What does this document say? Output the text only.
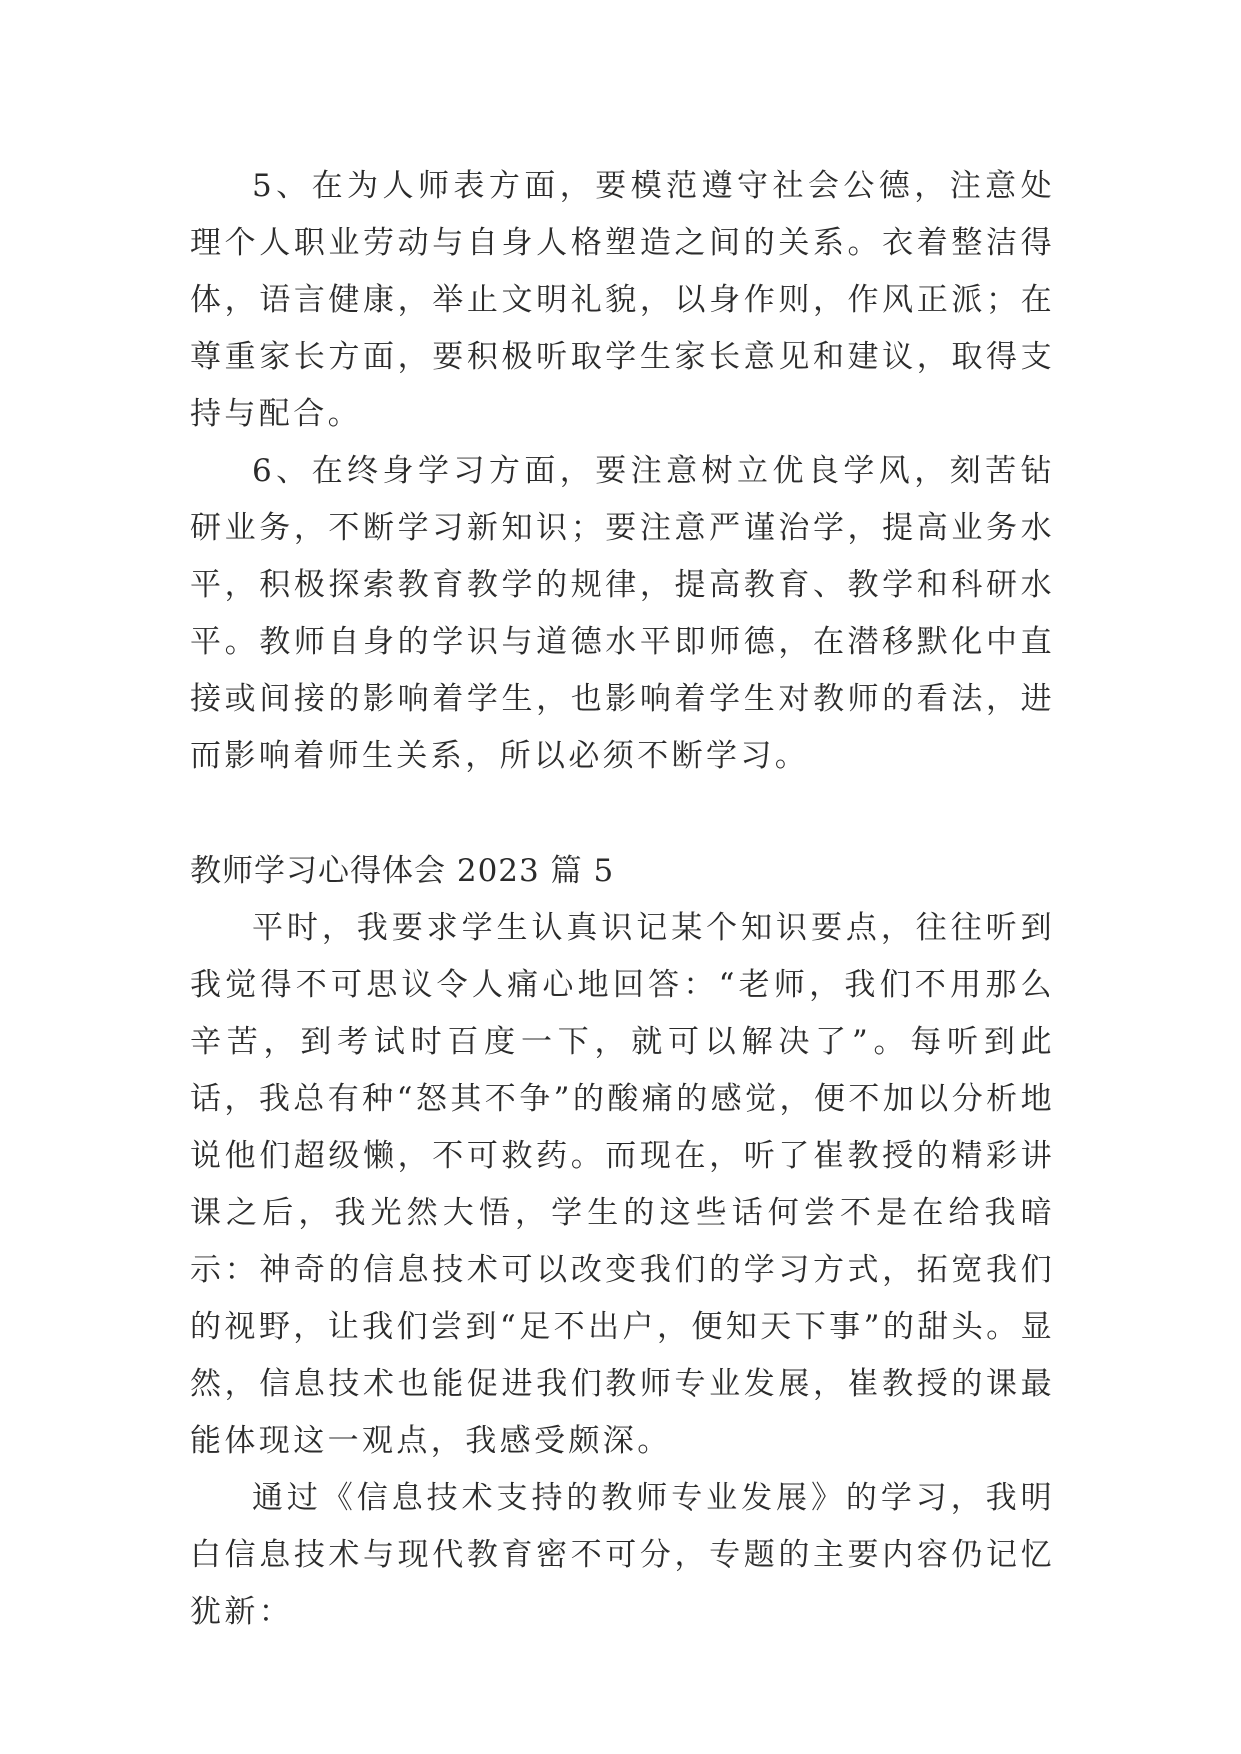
5、在为人师表方面，要模范遵守社会公德，注意处理个人职业劳动与自身人格塑造之间的关系。衣着整洁得体，语言健康，举止文明礼貌，以身作则，作风正派；在尊重家长方面，要积极听取学生家长意见和建议，取得支持与配合。

6、在终身学习方面，要注意树立优良学风，刻苦钻研业务，不断学习新知识；要注意严谨治学，提高业务水平，积极探索教育教学的规律，提高教育、教学和科研水平。教师自身的学识与道德水平即师德，在潜移默化中直接或间接的影响着学生，也影响着学生对教师的看法，进而影响着师生关系，所以必须不断学习。

教师学习心得体会 2023 篇 5

平时，我要求学生认真识记某个知识要点，往往听到我觉得不可思议令人痛心地回答：“老师，我们不用那么辛苦，到考试时百度一下，就可以解决了”。每听到此话，我总有种“怒其不争”的酸痛的感觉，便不加以分析地说他们超级懒，不可救药。而现在，听了崔教授的精彩讲课之后，我光然大悟，学生的这些话何尝不是在给我暗示：神奇的信息技术可以改变我们的学习方式，拓宽我们的视野，让我们尝到“足不出户，便知天下事”的甜头。显然，信息技术也能促进我们教师专业发展，崔教授的课最能体现这一观点，我感受颇深。

通过《信息技术支持的教师专业发展》的学习，我明白信息技术与现代教育密不可分，专题的主要内容仍记忆犹新：
